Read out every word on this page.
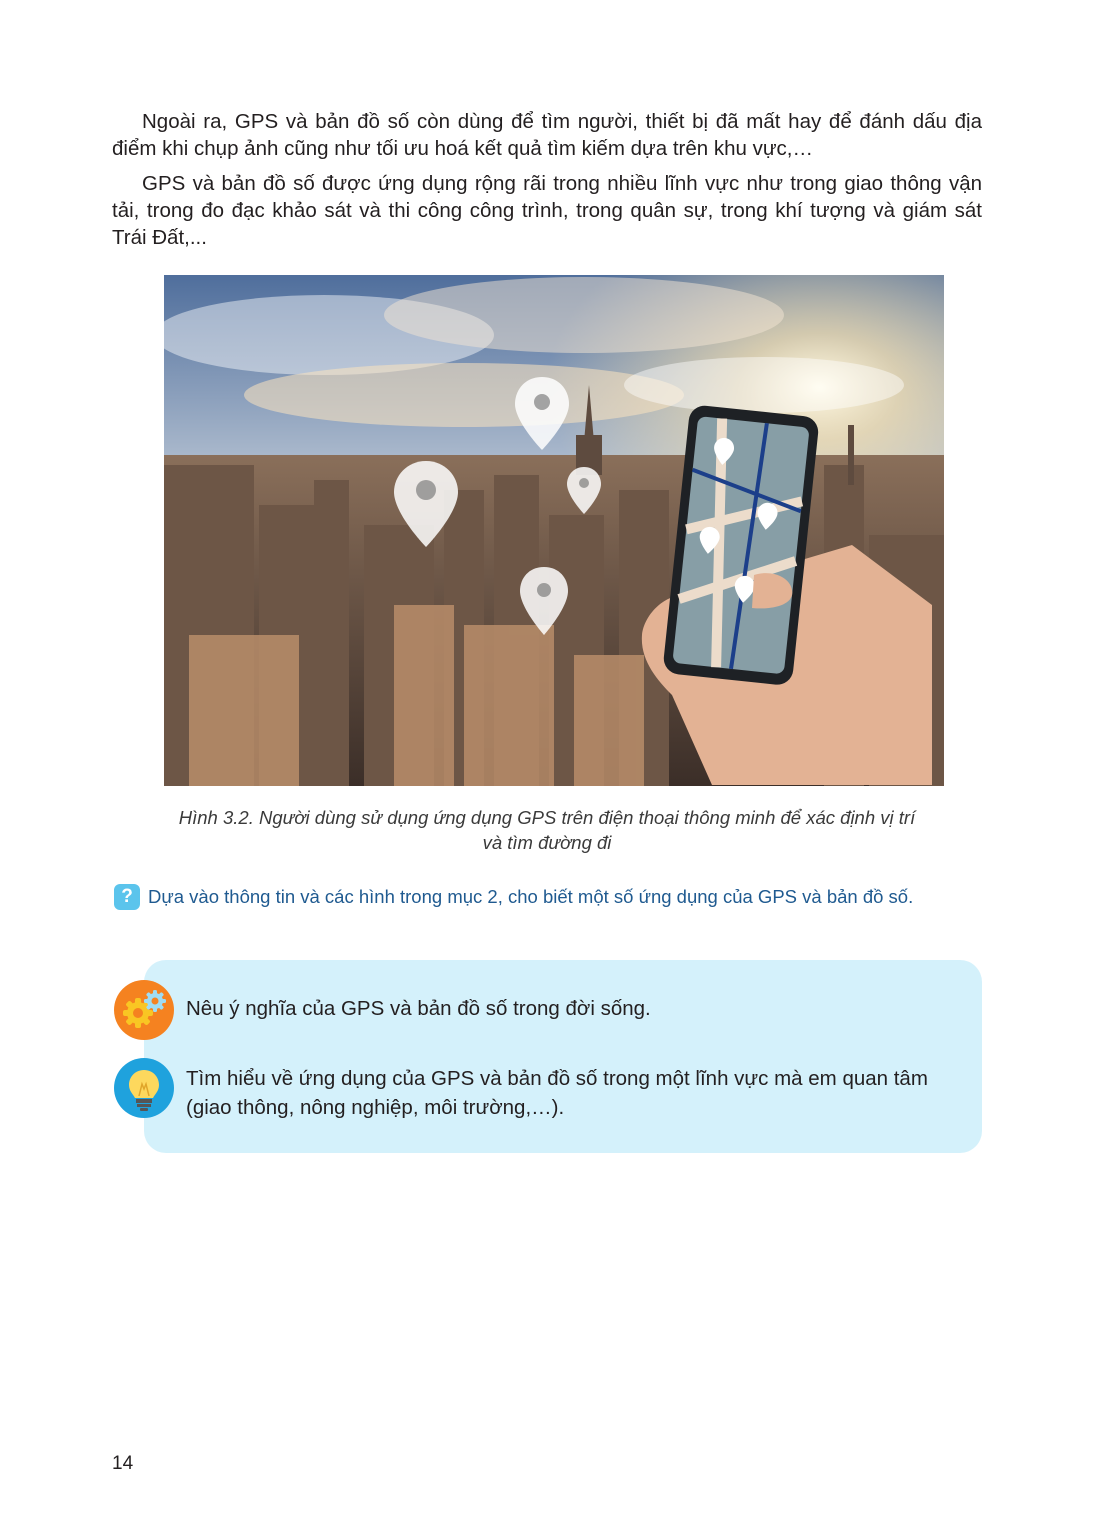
Ngoài ra, GPS và bản đồ số còn dùng để tìm người, thiết bị đã mất hay để đánh dấu địa điểm khi chụp ảnh cũng như tối ưu hoá kết quả tìm kiếm dựa trên khu vực,…

GPS và bản đồ số được ứng dụng rộng rãi trong nhiều lĩnh vực như trong giao thông vận tải, trong đo đạc khảo sát và thi công công trình, trong quân sự, trong khí tượng và giám sát Trái Đất,...

Hình 3.2. Người dùng sử dụng ứng dụng GPS trên điện thoại thông minh để xác định vị trí
và tìm đường đi
? Dựa vào thông tin và các hình trong mục 2, cho biết một số ứng dụng của GPS và bản đồ số.
Nêu ý nghĩa của GPS và bản đồ số trong đời sống.
Tìm hiểu về ứng dụng của GPS và bản đồ số trong một lĩnh vực mà em quan tâm (giao thông, nông nghiệp, môi trường,…).
14
